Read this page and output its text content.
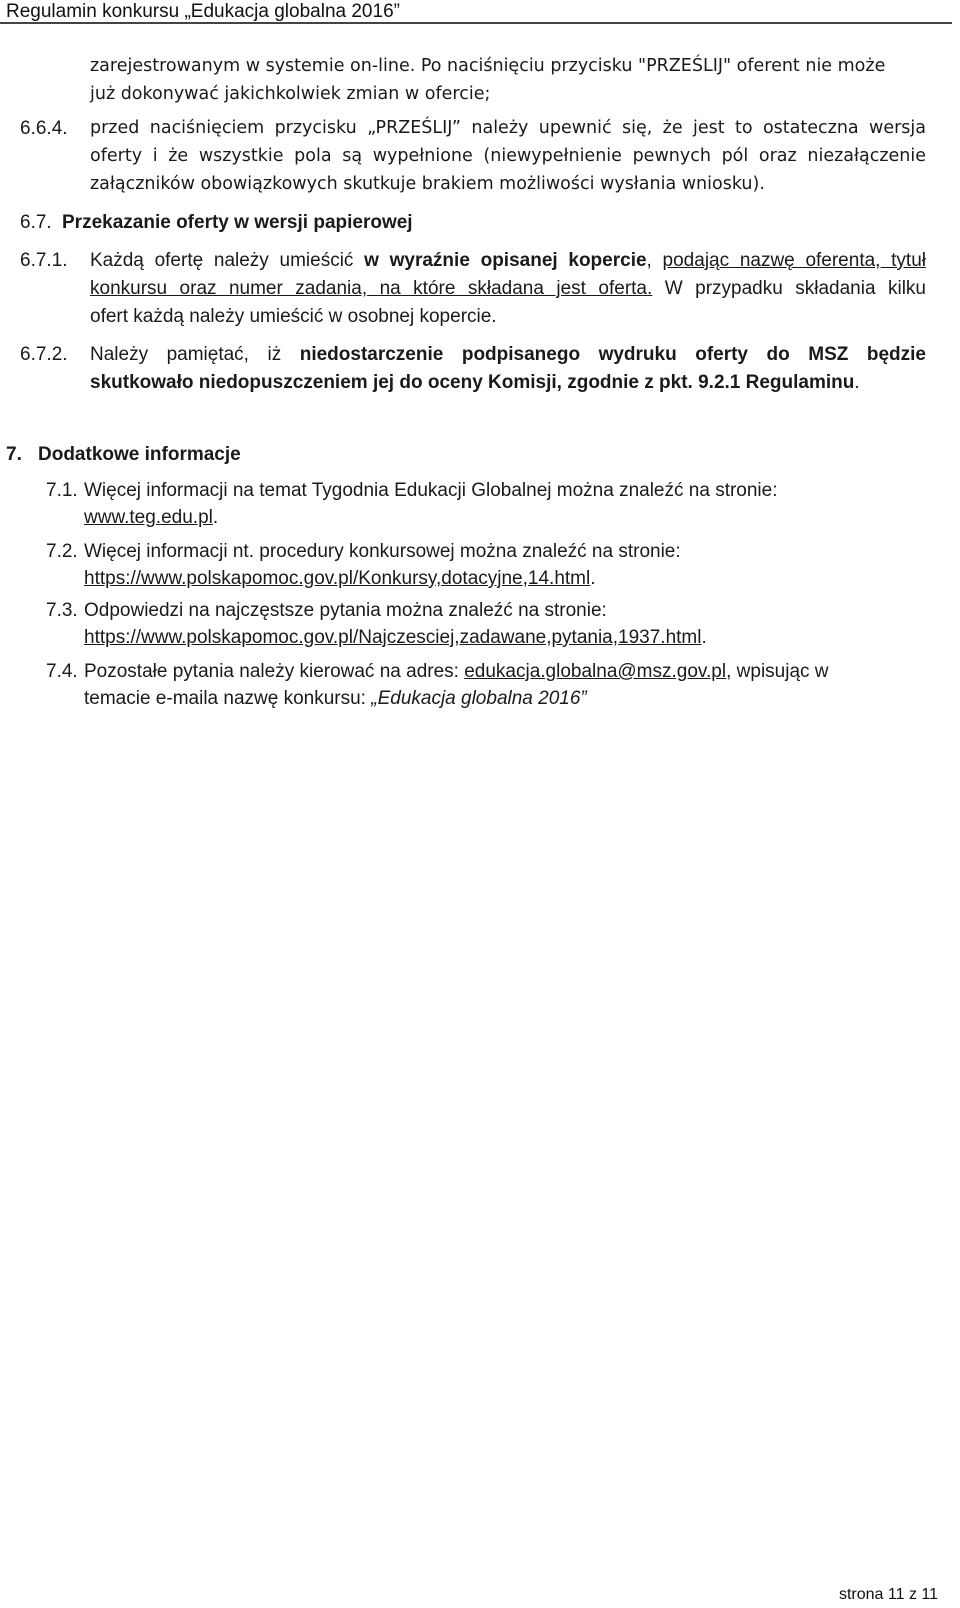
Regulamin konkursu „Edukacja globalna 2016”
zarejestrowanym w systemie on-line. Po naciśnięciu przycisku "PRZEŚLIJ" oferent nie może
już dokonywać jakichkolwiek zmian w ofercie;
6.6.4. przed naciśnięciem przycisku „PRZEŚLIJ” należy upewnić się, że jest to ostateczna wersja
oferty i że wszystkie pola są wypełnione (niewypełnienie pewnych pól oraz niezałączenie
załączników obowiązkowych skutkuje brakiem możliwości wysłania wniosku).
6.7. Przekazanie oferty w wersji papierowej
6.7.1. Każdą ofertę należy umieścić w wyraźnie opisanej kopercie, podając nazwę oferenta, tytuł
konkursu oraz numer zadania, na które składana jest oferta. W przypadku składania kilku
ofert każdą należy umieścić w osobnej kopercie.
6.7.2. Należy pamiętać, iż niedostarczenie podpisanego wydruku oferty do MSZ będzie
skutkowało niedopuszczeniem jej do oceny Komisji, zgodnie z pkt. 9.2.1 Regulaminu.
7. Dodatkowe informacje
7.1. Więcej informacji na temat Tygodnia Edukacji Globalnej można znaleźć na stronie:
www.teg.edu.pl.
7.2. Więcej informacji nt. procedury konkursowej można znaleźć na stronie:
https://www.polskapomoc.gov.pl/Konkursy,dotacyjne,14.html.
7.3. Odpowiedzi na najczęstsze pytania można znaleźć na stronie:
https://www.polskapomoc.gov.pl/Najczesciej,zadawane,pytania,1937.html.
7.4. Pozostałe pytania należy kierować na adres: edukacja.globalna@msz.gov.pl, wpisując w
temacie e-maila nazwę konkursu: „Edukacja globalna 2016”
strona 11 z 11
